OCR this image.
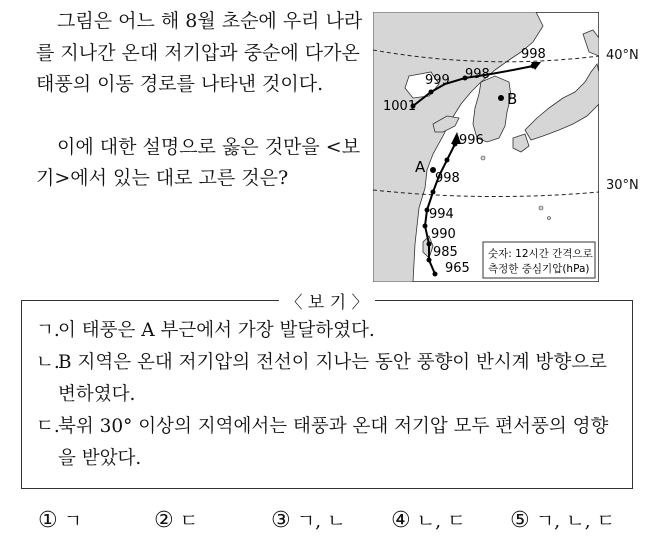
그림은 어느 해 8월 초순에 우리 나라를 지나간 온대 저기압과 중순에 다가온 태풍의 이동 경로를 나타낸 것이다.

이에 대한 설명으로 옳은 것만을 <보기>에서 있는 대로 고른 것은?

998
998
999
1001
996
998
994
990
985
965
A
B
숫자: 12시간 간격으로
측정한 중심기압(hPa)
40°N
30°N
〈 보 기 〉
ㄱ.
이 태풍은 A 부근에서 가장 발달하였다.
ㄴ.
B 지역은 온대 저기압의 전선이 지나는 동안 풍향이 반시계 방향으로 변하였다.
ㄷ.
북위 30° 이상의 지역에서는 태풍과 온대 저기압 모두 편서풍의 영향을 받았다.
① ㄱ	② ㄷ	③ ㄱ, ㄴ ④ ㄴ, ㄷ ⑤ ㄱ, ㄴ, ㄷ
